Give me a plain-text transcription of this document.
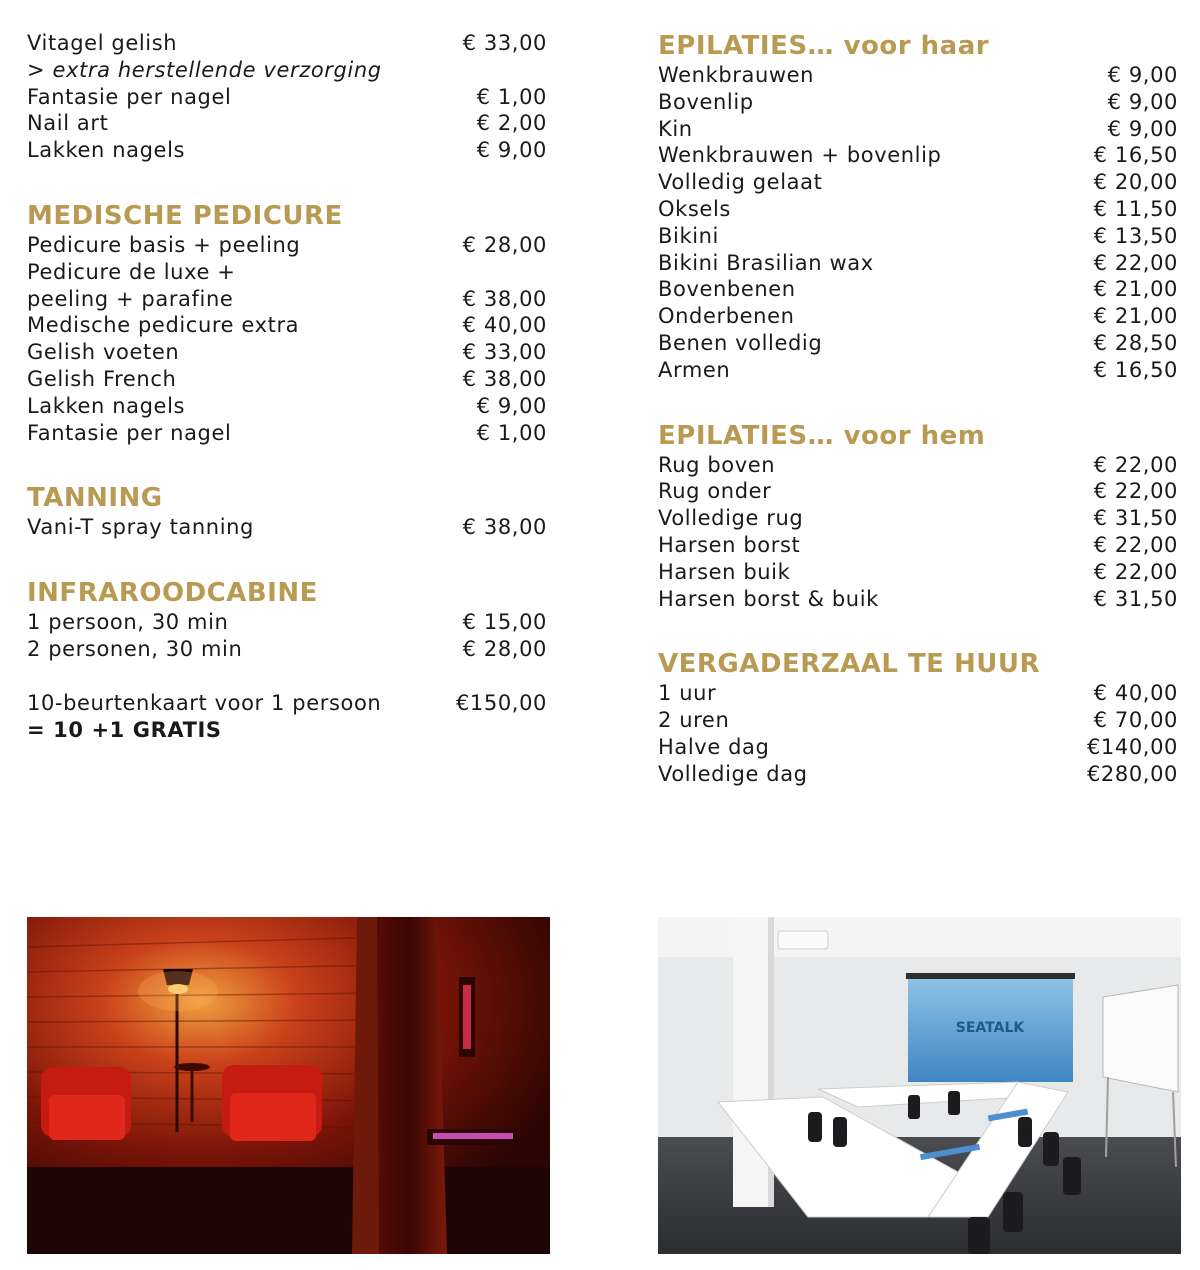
Vitagel gelish	€ 33,00
> extra herstellende verzorging
Fantasie per nagel	€ 1,00
Nail art	€ 2,00
Lakken nagels	€ 9,00
MEDISCHE PEDICURE
Pedicure basis + peeling	€ 28,00
Pedicure de luxe +
peeling + parafine	€ 38,00
Medische pedicure extra	€ 40,00
Gelish voeten	€ 33,00
Gelish French	€ 38,00
Lakken nagels	€ 9,00
Fantasie per nagel	€ 1,00
TANNING
Vani-T spray tanning	€ 38,00
INFRAROODCABINE
1 persoon, 30 min	€ 15,00
2 personen, 30 min	€ 28,00
10-beurtenkaart voor 1 persoon	€150,00
= 10 +1 GRATIS
EPILATIES… voor haar
Wenkbrauwen	€ 9,00
Bovenlip	€ 9,00
Kin	€ 9,00
Wenkbrauwen + bovenlip	€ 16,50
Volledig gelaat	€ 20,00
Oksels	€ 11,50
Bikini	€ 13,50
Bikini Brasilian wax	€ 22,00
Bovenbenen	€ 21,00
Onderbenen	€ 21,00
Benen volledig	€ 28,50
Armen	€ 16,50
EPILATIES… voor hem
Rug boven	€ 22,00
Rug onder	€ 22,00
Volledige rug	€ 31,50
Harsen borst	€ 22,00
Harsen buik	€ 22,00
Harsen borst & buik	€ 31,50
VERGADERZAAL TE HUUR
1 uur	€ 40,00
2 uren	€ 70,00
Halve dag	€140,00
Volledige dag	€280,00
SEATALK
